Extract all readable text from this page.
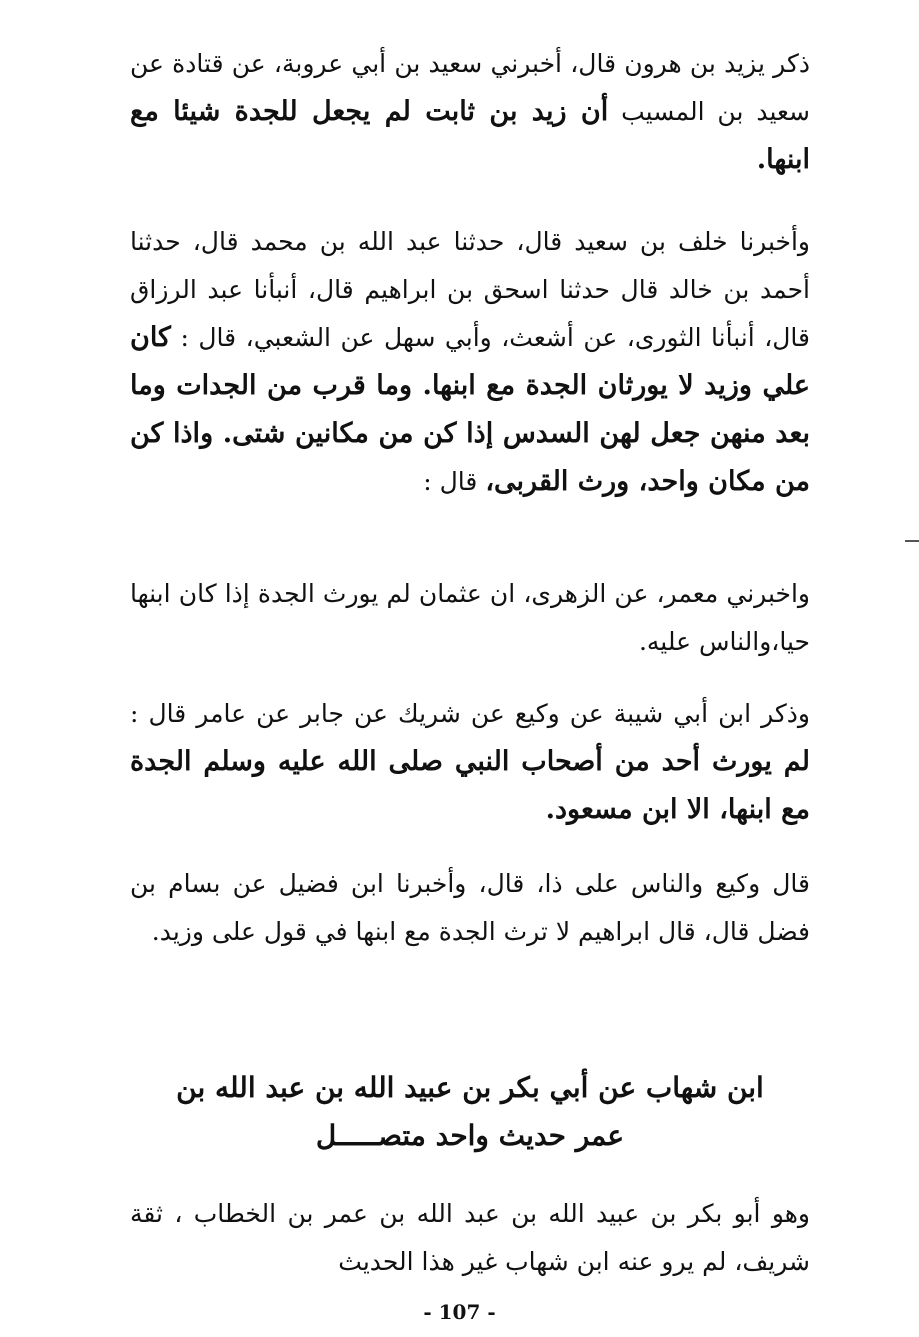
ذكر يزيد بن هرون قال، أخبرني سعيد بن أبي عروبة، عن قتادة عن سعيد بن المسيب أن زيد بن ثابت لم يجعل للجدة شيئا مع ابنها.
وأخبرنا خلف بن سعيد قال، حدثنا عبد الله بن محمد قال، حدثنا أحمد بن خالد قال حدثنا اسحق بن ابراهيم قال، أنبأنا عبد الرزاق قال، أنبأنا الثورى، عن أشعث، وأبي سهل عن الشعبي، قال : كان علي وزيد لا يورثان الجدة مع ابنها. وما قرب من الجدات وما بعد منهن جعل لهن السدس إذا كن من مكانين شتى. واذا كن من مكان واحد، ورث القربى، قال :
واخبرني معمر، عن الزهرى، ان عثمان لم يورث الجدة إذا كان ابنها حيا،والناس عليه.
وذكر ابن أبي شيبة عن وكيع عن شريك عن جابر عن عامر قال : لم يورث أحد من أصحاب النبي صلى الله عليه وسلم الجدة مع ابنها، الا ابن مسعود.
قال وكيع والناس على ذا، قال، وأخبرنا ابن فضيل عن بسام بن فضل قال، قال ابراهيم لا ترث الجدة مع ابنها في قول على وزيد.
ابن شهاب عن أبي بكر بن عبيد الله بن عبد الله بن
عمر حديث واحد متصـــــل
وهو أبو بكر بن عبيد الله بن عبد الله بن عمر بن الخطاب ، ثقة شريف، لم يرو عنه ابن شهاب غير هذا الحديث
- 107 -
